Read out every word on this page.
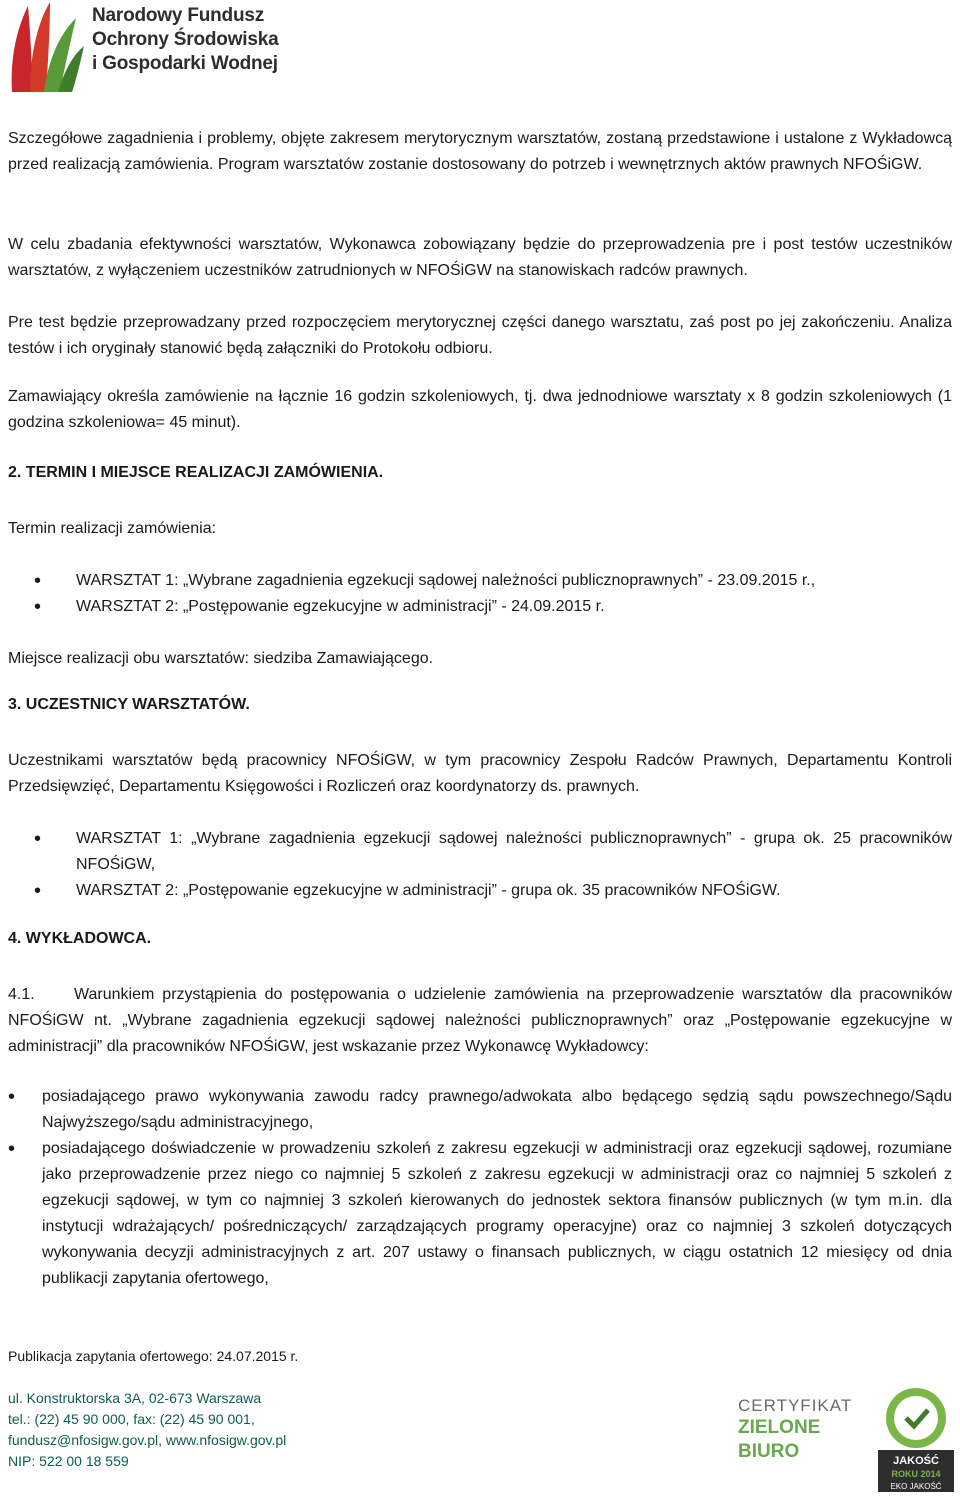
Narodowy Fundusz
Ochrony Środowiska
i Gospodarki Wodnej

Szczegółowe zagadnienia i problemy, objęte zakresem merytorycznym warsztatów, zostaną przedstawione i ustalone z Wykładowcą przed realizacją zamówienia. Program warsztatów zostanie dostosowany do potrzeb i wewnętrznych aktów prawnych NFOŚiGW.

W celu zbadania efektywności warsztatów, Wykonawca zobowiązany będzie do przeprowadzenia pre i post testów uczestników warsztatów, z wyłączeniem uczestników zatrudnionych w NFOŚiGW na stanowiskach radców prawnych.

Pre test będzie przeprowadzany przed rozpoczęciem merytorycznej części danego warsztatu, zaś post po jej zakończeniu. Analiza testów i ich oryginały stanowić będą załączniki do Protokołu odbioru.

Zamawiający określa zamówienie na łącznie 16 godzin szkoleniowych, tj. dwa jednodniowe warsztaty x 8 godzin szkoleniowych (1 godzina szkoleniowa= 45 minut).

2. TERMIN I MIEJSCE REALIZACJI ZAMÓWIENIA.

Termin realizacji zamówienia:

• WARSZTAT 1: „Wybrane zagadnienia egzekucji sądowej należności publicznoprawnych” - 23.09.2015 r.,
• WARSZTAT 2: „Postępowanie egzekucyjne w administracji” - 24.09.2015 r.

Miejsce realizacji obu warsztatów: siedziba Zamawiającego.

3. UCZESTNICY WARSZTATÓW.

Uczestnikami warsztatów będą pracownicy NFOŚiGW, w tym pracownicy Zespołu Radców Prawnych, Departamentu Kontroli Przedsięwzięć, Departamentu Księgowości i Rozliczeń oraz koordynatorzy ds. prawnych.

• WARSZTAT 1: „Wybrane zagadnienia egzekucji sądowej należności publicznoprawnych” - grupa ok. 25 pracowników NFOŚiGW,
• WARSZTAT 2: „Postępowanie egzekucyjne w administracji” - grupa ok. 35 pracowników NFOŚiGW.
4. WYKŁADOWCA.

4.1. Warunkiem przystąpienia do postępowania o udzielenie zamówienia na przeprowadzenie warsztatów dla pracowników NFOŚiGW nt. „Wybrane zagadnienia egzekucji sądowej należności publicznoprawnych” oraz „Postępowanie egzekucyjne w administracji” dla pracowników NFOŚiGW, jest wskazanie przez Wykonawcę Wykładowcy:

• posiadającego prawo wykonywania zawodu radcy prawnego/adwokata albo będącego sędzią sądu powszechnego/Sądu Najwyższego/sądu administracyjnego,
• posiadającego doświadczenie w prowadzeniu szkoleń z zakresu egzekucji w administracji oraz egzekucji sądowej, rozumiane jako przeprowadzenie przez niego co najmniej 5 szkoleń z zakresu egzekucji w administracji oraz co najmniej 5 szkoleń z egzekucji sądowej, w tym co najmniej 3 szkoleń kierowanych do jednostek sektora finansów publicznych (w tym m.in. dla instytucji wdrażających/ pośredniczących/ zarządzających programy operacyjne) oraz co najmniej 3 szkoleń dotyczących wykonywania decyzji administracyjnych z art. 207 ustawy o finansach publicznych, w ciągu ostatnich 12 miesięcy od dnia publikacji zapytania ofertowego,
Publikacja zapytania ofertowego: 24.07.2015 r.
ul. Konstruktorska 3A, 02-673 Warszawa
tel.: (22) 45 90 000, fax: (22) 45 90 001,
fundusz@nfosigw.gov.pl, www.nfosigw.gov.pl
NIP: 522 00 18 559
CERTYFIKAT
ZIELONE
BIURO	JAKOŚĆ
ROKU 2014
EKO JAKOŚĆ
